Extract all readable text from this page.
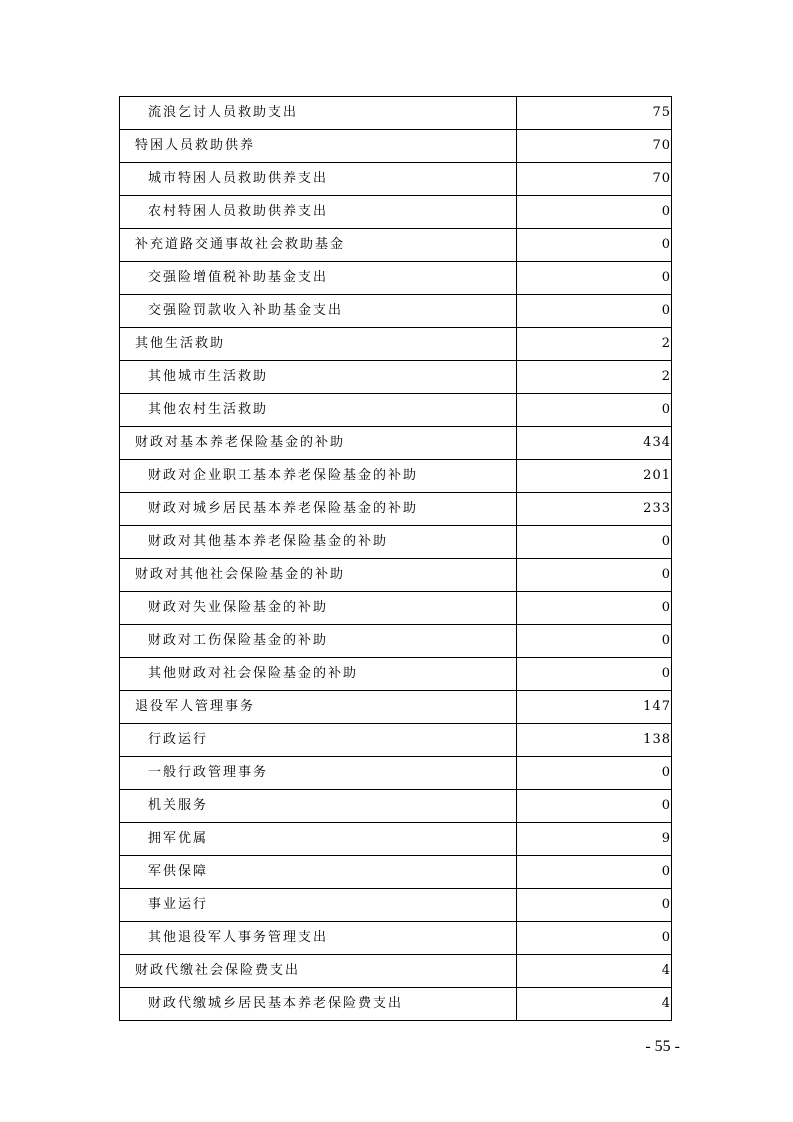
流浪乞讨人员救助支出	75
特困人员救助供养	70
城市特困人员救助供养支出	70
农村特困人员救助供养支出	0
补充道路交通事故社会救助基金	0
交强险增值税补助基金支出	0
交强险罚款收入补助基金支出	0
其他生活救助	2
其他城市生活救助	2
其他农村生活救助	0
财政对基本养老保险基金的补助	434
财政对企业职工基本养老保险基金的补助	201
财政对城乡居民基本养老保险基金的补助	233
财政对其他基本养老保险基金的补助	0
财政对其他社会保险基金的补助	0
财政对失业保险基金的补助	0
财政对工伤保险基金的补助	0
其他财政对社会保险基金的补助	0
退役军人管理事务	147
行政运行	138
一般行政管理事务	0
机关服务	0
拥军优属	9
军供保障	0
事业运行	0
其他退役军人事务管理支出	0
财政代缴社会保险费支出	4
财政代缴城乡居民基本养老保险费支出	4
- 55 -
